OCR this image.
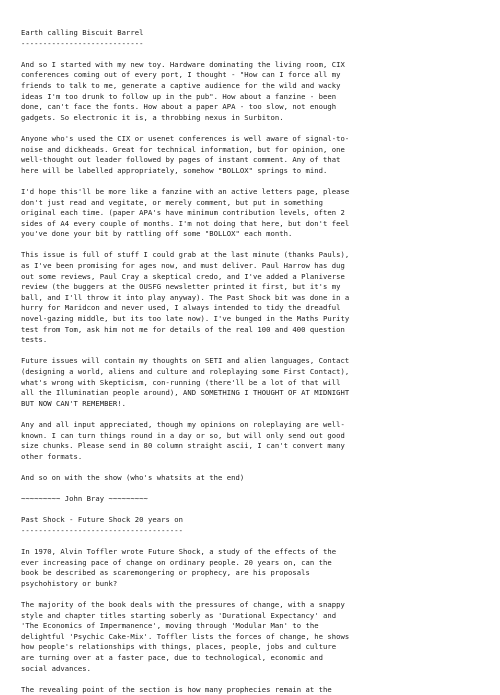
Earth calling Biscuit Barrel
----------------------------
And so I started with my new toy. Hardware dominating the living room, CIX
conferences coming out of every port, I thought - "How can I force all my
friends to talk to me, generate a captive audience for the wild and wacky
ideas I'm too drunk to follow up in the pub". How about a fanzine - been
done, can't face the fonts. How about a paper APA - too slow, not enough
gadgets. So electronic it is, a throbbing nexus in Surbiton.
Anyone who's used the CIX or usenet conferences is well aware of signal-to-
noise and dickheads. Great for technical information, but for opinion, one
well-thought out leader followed by pages of instant comment. Any of that
here will be labelled appropriately, somehow "BOLLOX" springs to mind.
I'd hope this'll be more like a fanzine with an active letters page, please
don't just read and vegitate, or merely comment, but put in something
original each time. (paper APA's have minimum contribution levels, often 2
sides of A4 every couple of months. I'm not doing that here, but don't feel
you've done your bit by rattling off some "BOLLOX" each month.
This issue is full of stuff I could grab at the last minute (thanks Pauls),
as I've been promising for ages now, and must deliver. Paul Harrow has dug
out some reviews, Paul Cray a skeptical credo, and I've added a Planiverse
review (the buggers at the OUSFG newsletter printed it first, but it's my
ball, and I'll throw it into play anyway). The Past Shock bit was done in a
hurry for Maridcon and never used, I always intended to tidy the dreadful
novel-gazing middle, but its too late now). I've bunged in the Maths Purity
test from Tom, ask him not me for details of the real 100 and 400 question
tests.
Future issues will contain my thoughts on SETI and alien languages, Contact
(designing a world, aliens and culture and roleplaying some First Contact),
what's wrong with Skepticism, con-running (there'll be a lot of that will
all the Illuminatian people around), AND SOMETHING I THOUGHT OF AT MIDNIGHT
BUT NOW CAN'T REMEMBER!.
Any and all input appreciated, though my opinions on roleplaying are well-
known. I can turn things round in a day or so, but will only send out good
size chunks. Please send in 80 column straight ascii, I can't convert many
other formats.
And so on with the show (who's whatsits at the end)
~~~~~~~~~ John Bray ~~~~~~~~~
Past Shock - Future Shock 20 years on
-------------------------------------
In 1970, Alvin Toffler wrote Future Shock, a study of the effects of the
ever increasing pace of change on ordinary people. 20 years on, can the
book be described as scaremongering or prophecy, are his proposals
psychohistory or bunk?
The majority of the book deals with the pressures of change, with a snappy
style and chapter titles starting soberly as 'Durational Expectancy' and
'The Economics of Impermanence', moving through 'Modular Man' to the
delightful 'Psychic Cake-Mix'. Toffler lists the forces of change, he shows
how people's relationships with things, places, people, jobs and culture
are turning over at a faster pace, due to technological, economic and
social advances.
The revealing point of the section is how many prophecies remain at the
